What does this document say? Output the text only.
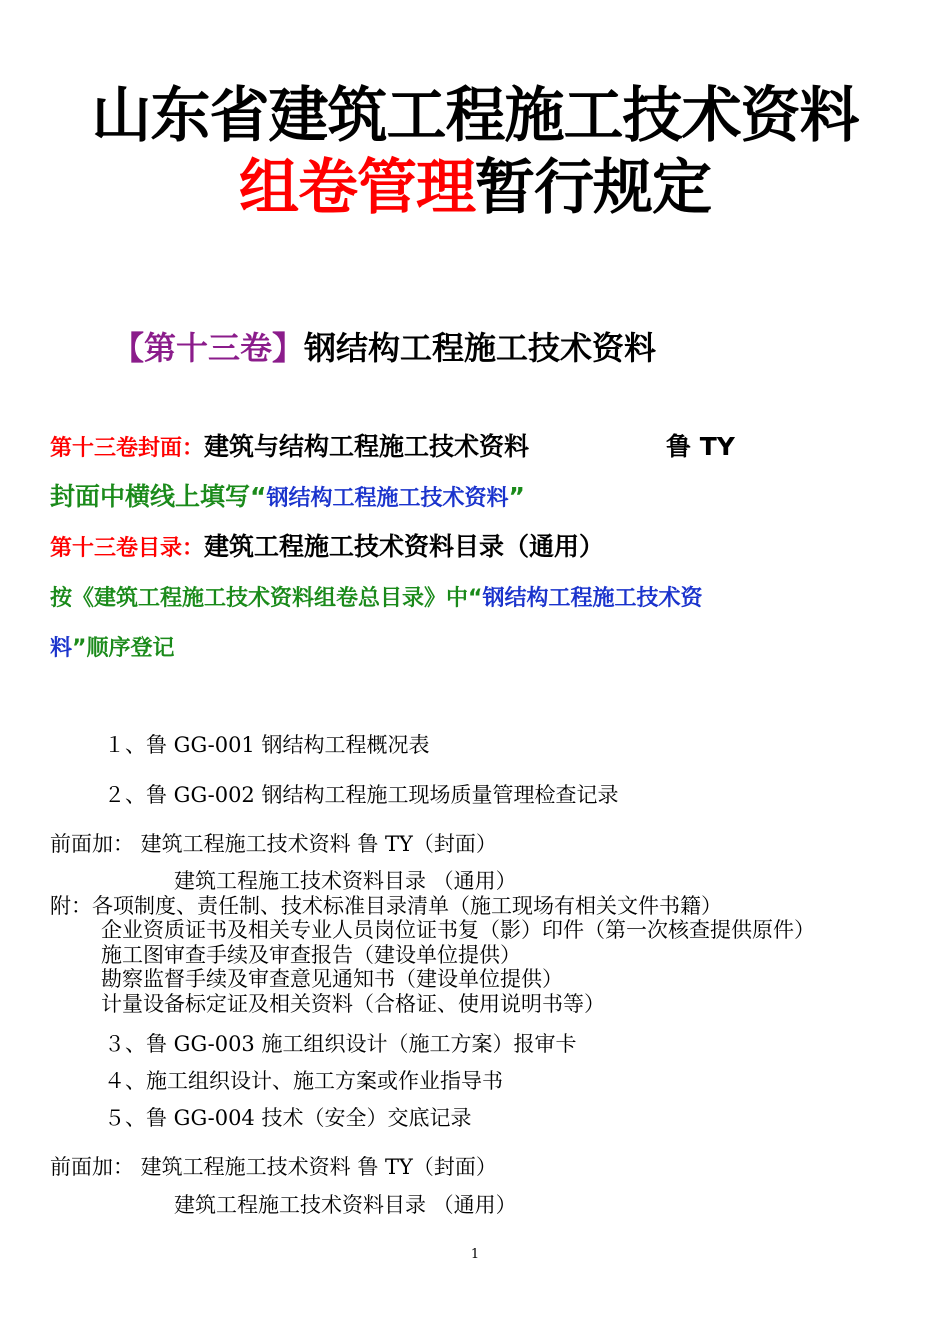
山东省建筑工程施工技术资料
组卷管理暂行规定
【第十三卷】钢结构工程施工技术资料
第十三卷封面：建筑与结构工程施工技术资料	鲁 TY
封面中横线上填写“钢结构工程施工技术资料”
第十三卷目录：建筑工程施工技术资料目录（通用）
按《建筑工程施工技术资料组卷总目录》中“钢结构工程施工技术资
料”顺序登记
１、鲁 GG-001 钢结构工程概况表
２、鲁 GG-002 钢结构工程施工现场质量管理检查记录
前面加： 建筑工程施工技术资料 鲁 TY（封面）
建筑工程施工技术资料目录 （通用）
附：各项制度、责任制、技术标准目录清单（施工现场有相关文件书籍）
企业资质证书及相关专业人员岗位证书复（影）印件（第一次核查提供原件）
施工图审查手续及审查报告（建设单位提供）
勘察监督手续及审查意见通知书（建设单位提供）
计量设备标定证及相关资料（合格证、使用说明书等）
３、鲁 GG-003 施工组织设计（施工方案）报审卡
４、施工组织设计、施工方案或作业指导书
５、鲁 GG-004 技术（安全）交底记录
前面加： 建筑工程施工技术资料 鲁 TY（封面）
建筑工程施工技术资料目录 （通用）
1
